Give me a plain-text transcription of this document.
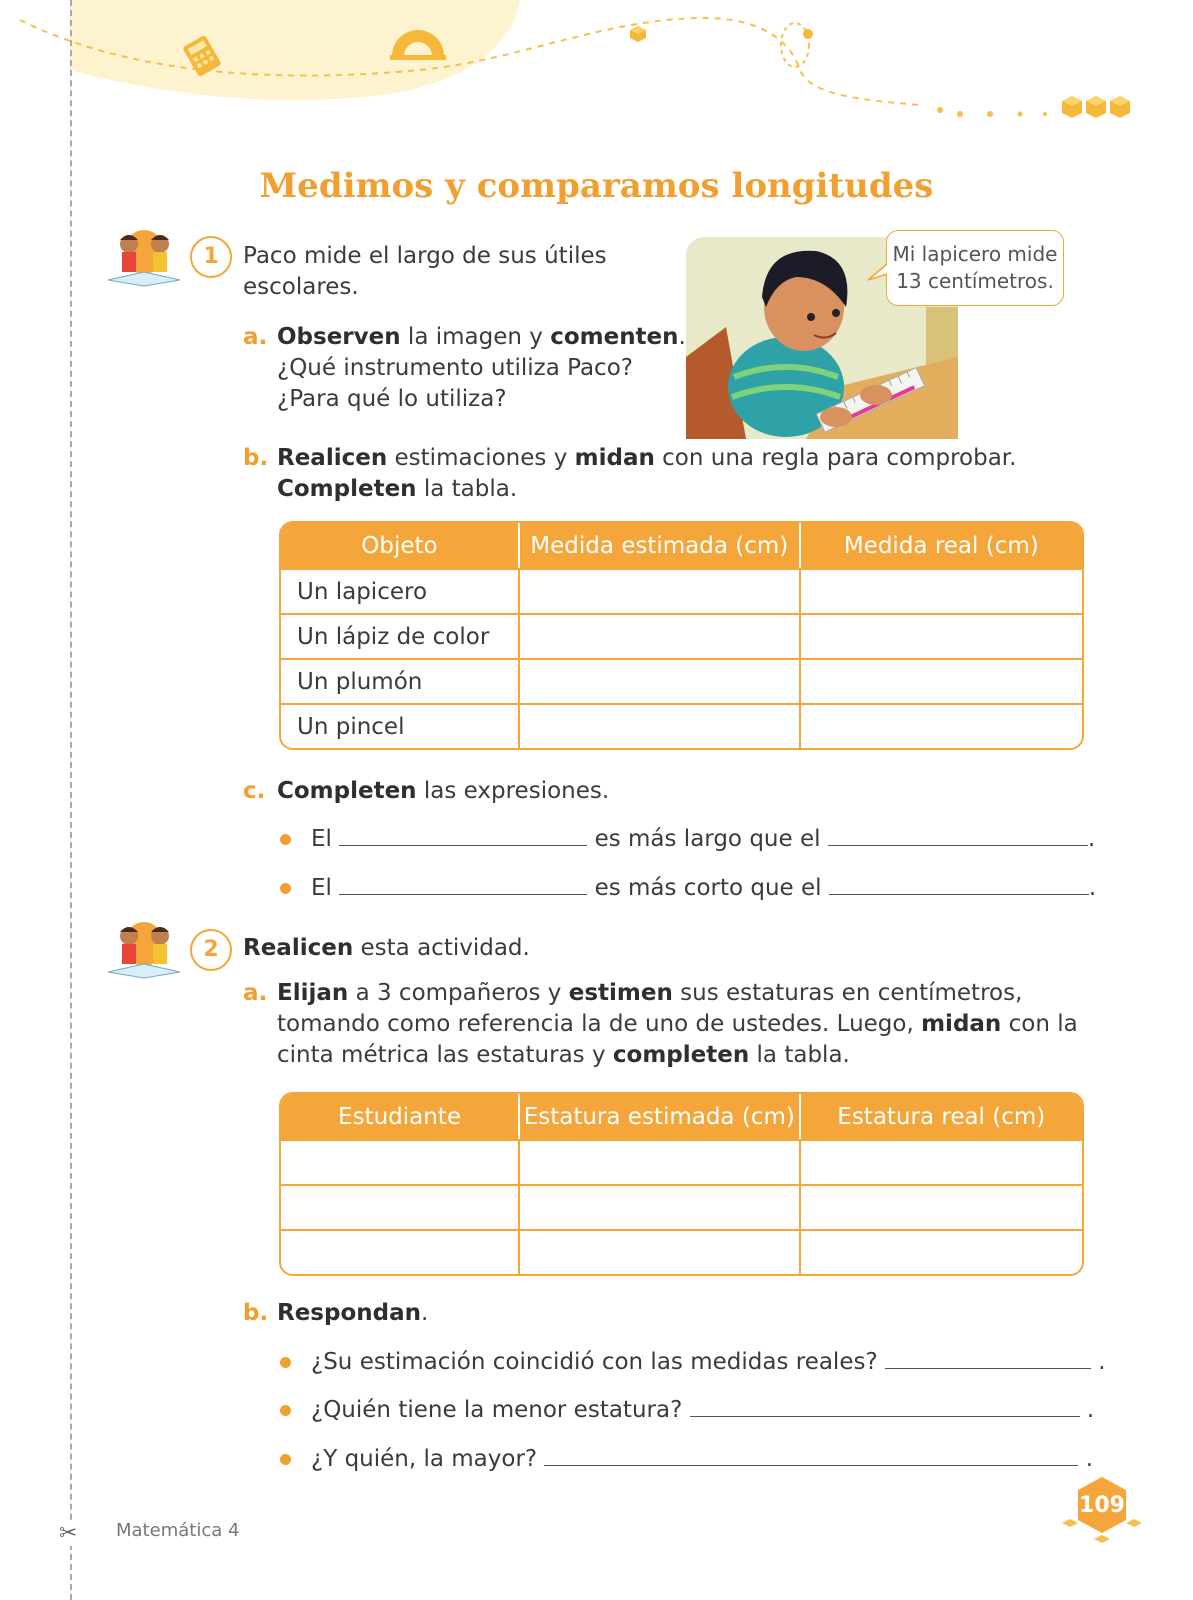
✂
Medimos y comparamos longitudes
1	Paco mide el largo de sus útiles
escolares.
Mi lapicero mide
13 centímetros.
a. Observen la imagen y comenten.
¿Qué instrumento utiliza Paco?
¿Para qué lo utiliza?
b. Realicen estimaciones y midan con una regla para comprobar.
Completen la tabla.
Objeto	Medida estimada (cm)	Medida real (cm)
Un lapicero		
Un lápiz de color		
Un plumón		
Un pincel		
c. Completen las expresiones.
El	es más largo que el	.
El	es más corto que el	.
2	Realicen esta actividad.
a. Elijan a 3 compañeros y estimen sus estaturas en centímetros,
tomando como referencia la de uno de ustedes. Luego, midan con la
cinta métrica las estaturas y completen la tabla.
Estudiante	Estatura estimada (cm)	Estatura real (cm)

b. Respondan.
¿Su estimación coincidió con las medidas reales?	.
¿Quién tiene la menor estatura?	.
¿Y quién, la mayor?	.
Matemática 4
109
